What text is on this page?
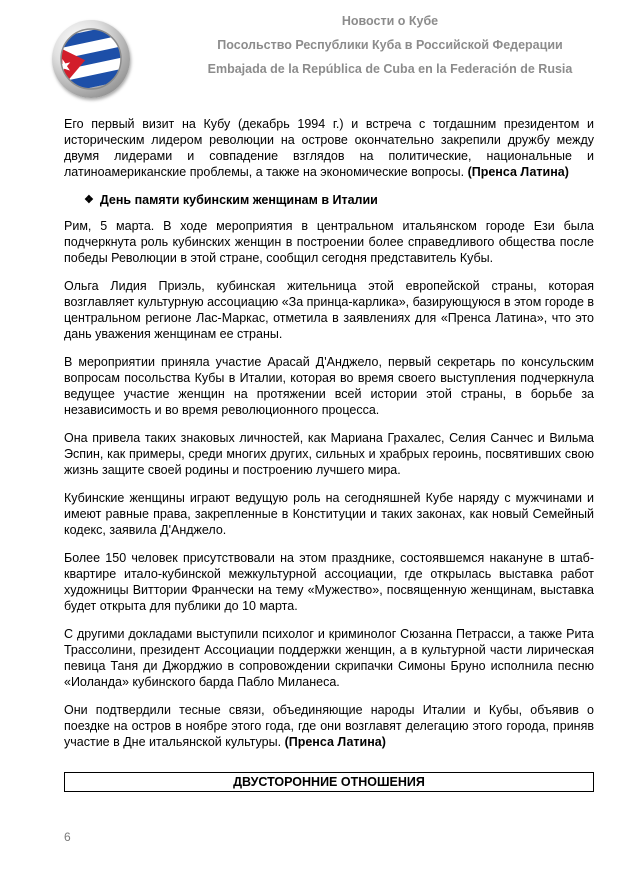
Новости о Кубе
Посольство Республики Куба в Российской Федерации
Embajada de la República de Cuba en la Federación de Rusia

Его первый визит на Кубу (декабрь 1994 г.) и встреча с тогдашним президентом и историческим лидером революции на острове окончательно закрепили дружбу между двумя лидерами и совпадение взглядов на политические, национальные и латиноамериканские проблемы, а также на экономические вопросы. (Пренса Латина)

❖ День памяти кубинским женщинам в Италии

Рим, 5 марта. В ходе мероприятия в центральном итальянском городе Ези была подчеркнута роль кубинских женщин в построении более справедливого общества после победы Революции в этой стране, сообщил сегодня представитель Кубы.

Ольга Лидия Приэль, кубинская жительница этой европейской страны, которая возглавляет культурную ассоциацию «За принца-карлика», базирующуюся в этом городе в центральном регионе Лас-Маркас, отметила в заявлениях для «Пренса Латина», что это дань уважения женщинам ее страны.

В мероприятии приняла участие Арасай Д'Анджело, первый секретарь по консульским вопросам посольства Кубы в Италии, которая во время своего выступления подчеркнула ведущее участие женщин на протяжении всей истории этой страны, в борьбе за независимость и во время революционного процесса.

Она привела таких знаковых личностей, как Мариана Грахалес, Селия Санчес и Вильма Эспин, как примеры, среди многих других, сильных и храбрых героинь, посвятивших свою жизнь защите своей родины и построению лучшего мира.

Кубинские женщины играют ведущую роль на сегодняшней Кубе наряду с мужчинами и имеют равные права, закрепленные в Конституции и таких законах, как новый Семейный кодекс, заявила Д'Анджело.

Более 150 человек присутствовали на этом празднике, состоявшемся накануне в штаб-квартире итало-кубинской межкультурной ассоциации, где открылась выставка работ художницы Виттории Франчески на тему «Мужество», посвященную женщинам, выставка будет открыта для публики до 10 марта.

С другими докладами выступили психолог и криминолог Сюзанна Петрасси, а также Рита Трассолини, президент Ассоциации поддержки женщин, а в культурной части лирическая певица Таня ди Джорджио в сопровождении скрипачки Симоны Бруно исполнила песню «Иоланда» кубинского барда Пабло Миланеса.

Они подтвердили тесные связи, объединяющие народы Италии и Кубы, объявив о поездке на остров в ноябре этого года, где они возглавят делегацию этого города, приняв участие в Дне итальянской культуры. (Пренса Латина)

ДВУСТОРОННИЕ ОТНОШЕНИЯ
6
